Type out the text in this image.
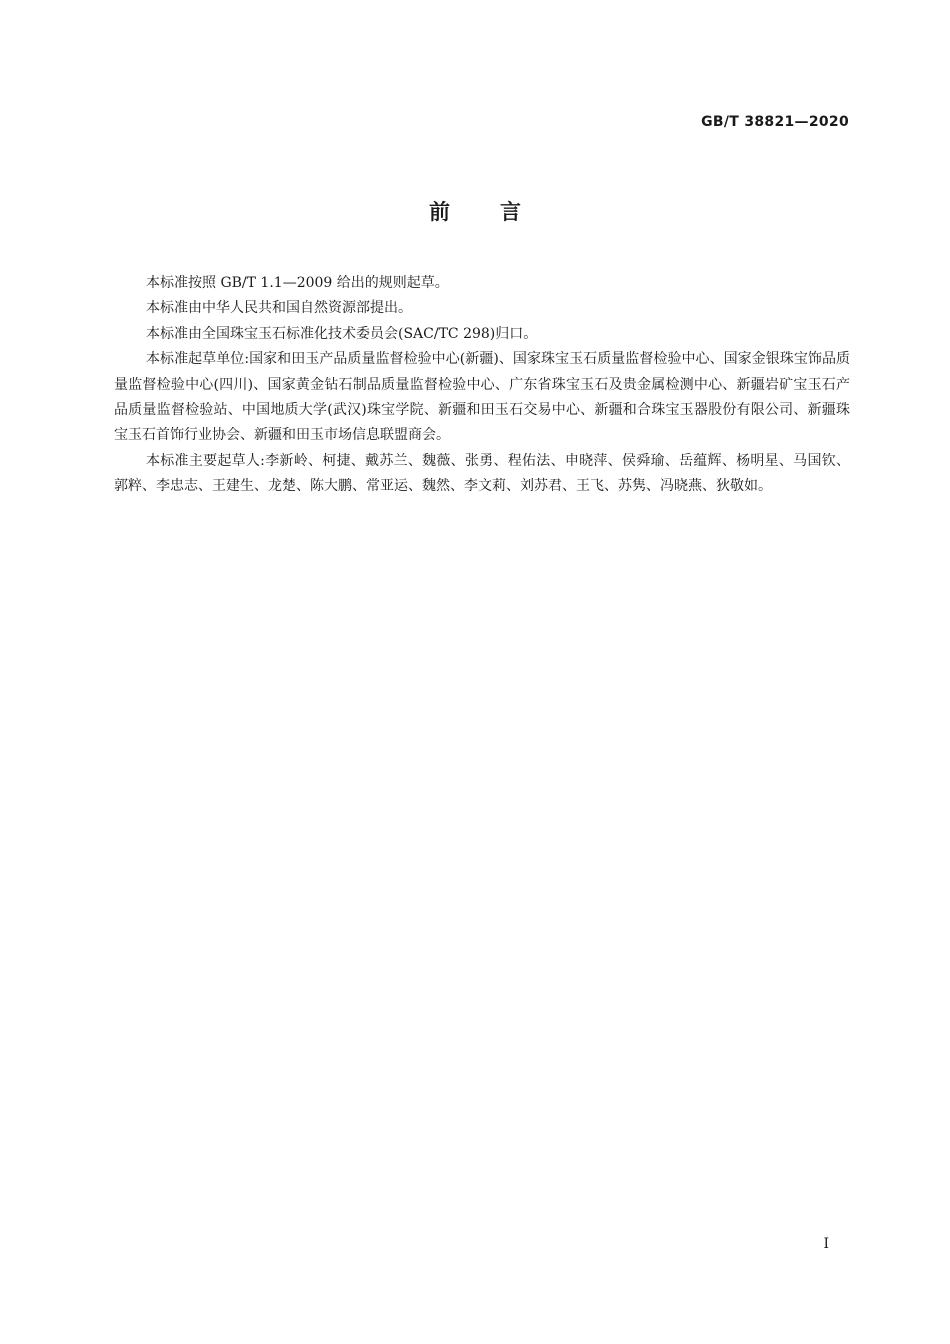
GB/T 38821—2020
前言

本标准按照 GB/T 1.1—2009 给出的规则起草。

本标准由中华人民共和国自然资源部提出。

本标准由全国珠宝玉石标准化技术委员会(SAC/TC 298)归口。

本标准起草单位:国家和田玉产品质量监督检验中心(新疆)、国家珠宝玉石质量监督检验中心、国家金银珠宝饰品质量监督检验中心(四川)、国家黄金钻石制品质量监督检验中心、广东省珠宝玉石及贵金属检测中心、新疆岩矿宝玉石产品质量监督检验站、中国地质大学(武汉)珠宝学院、新疆和田玉石交易中心、新疆和合珠宝玉器股份有限公司、新疆珠宝玉石首饰行业协会、新疆和田玉市场信息联盟商会。

本标准主要起草人:李新岭、柯捷、戴苏兰、魏薇、张勇、程佑法、申晓萍、侯舜瑜、岳蕴辉、杨明星、马国钦、郭粹、李忠志、王建生、龙楚、陈大鹏、常亚运、魏然、李文莉、刘苏君、王飞、苏隽、冯晓燕、狄敬如。

I
